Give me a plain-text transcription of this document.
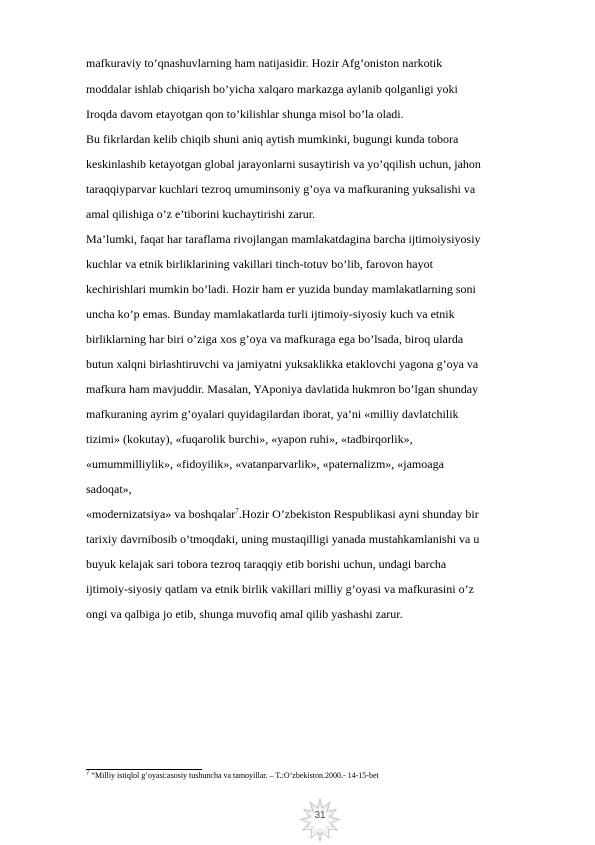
mafkuraviy to’qnashuvlarning ham natijasidir. Hozir Afg’oniston narkotik
moddalar ishlab chiqarish bo’yicha xalqaro markazga aylanib qolganligi yoki
Iroqda davom etayotgan qon to’kilishlar shunga misol bo’la oladi.
Bu fikrlardan kelib chiqib shuni aniq aytish mumkinki, bugungi kunda tobora
keskinlashib ketayotgan global jarayonlarni susaytirish va yo’qqilish uchun, jahon
taraqqiyparvar kuchlari tezroq umuminsoniy g’oya va mafkuraning yuksalishi va
amal qilishiga o’z e’tiborini kuchaytirishi zarur.
Ma’lumki, faqat har taraflama rivojlangan mamlakatdagina barcha ijtimoiysiyosiy
kuchlar va etnik birliklarining vakillari tinch-totuv bo’lib, farovon hayot
kechirishlari mumkin bo’ladi. Hozir ham er yuzida bunday mamlakatlarning soni
uncha ko’p emas. Bunday mamlakatlarda turli ijtimoiy-siyosiy kuch va etnik
birliklarning har biri o’ziga xos g’oya va mafkuraga ega bo’lsada, biroq ularda
butun xalqni birlashtiruvchi va jamiyatni yuksaklikka etaklovchi yagona g’oya va
mafkura ham mavjuddir. Masalan, YAponiya davlatida hukmron bo’lgan shunday
mafkuraning ayrim g’oyalari quyidagilardan iborat, ya’ni «milliy davlatchilik
tizimi» (kokutay), «fuqarolik burchi», «yapon ruhi», «tadbirqorlik»,
«umummilliylik», «fidoyilik», «vatanparvarlik», «paternalizm», «jamoaga
sadoqat»,
«modernizatsiya» va boshqalar$^7$.Hozir O’zbekiston Respublikasi ayni shunday bir
tarixiy davrnibosib o’tmoqdaki, uning mustaqilligi yanada mustahkamlanishi va u
buyuk kelajak sari tobora tezroq taraqqiy etib borishi uchun, undagi barcha
ijtimoiy-siyosiy qatlam va etnik birlik vakillari milliy g’oyasi va mafkurasini o’z
ongi va qalbiga jo etib, shunga muvofiq amal qilib yashashi zarur.
$^7$ “Milliy istiqlol g’oyasi:asosiy tushuncha va tamoyillar. – T.:O’zbekiston.2000.- 14-15-bet
31
